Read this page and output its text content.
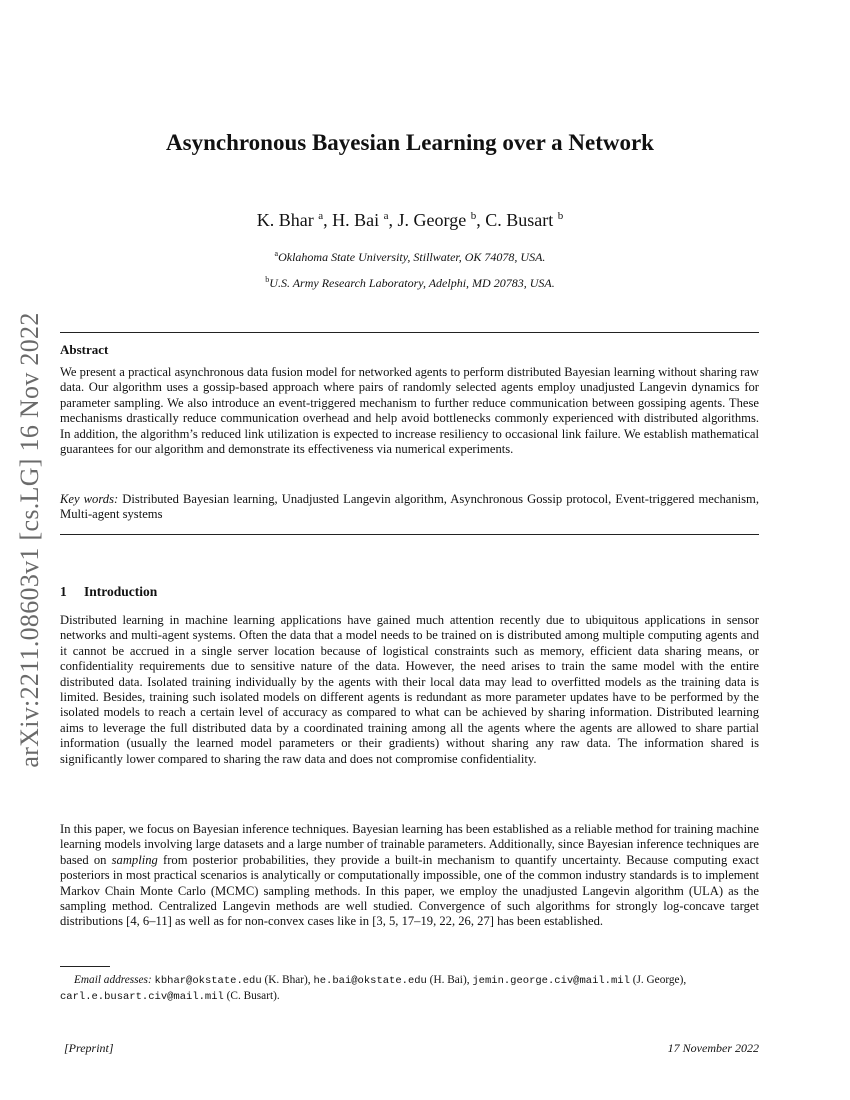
arXiv:2211.08603v1 [cs.LG] 16 Nov 2022
Asynchronous Bayesian Learning over a Network
K. Bhar $^a$, H. Bai $^a$, J. George $^b$, C. Busart $^b$
$^a$Oklahoma State University, Stillwater, OK 74078, USA.
$^b$U.S. Army Research Laboratory, Adelphi, MD 20783, USA.
Abstract
We present a practical asynchronous data fusion model for networked agents to perform distributed Bayesian learning without sharing raw data. Our algorithm uses a gossip-based approach where pairs of randomly selected agents employ unadjusted Langevin dynamics for parameter sampling. We also introduce an event-triggered mechanism to further reduce communication between gossiping agents. These mechanisms drastically reduce communication overhead and help avoid bottlenecks commonly experienced with distributed algorithms. In addition, the algorithm’s reduced link utilization is expected to increase resiliency to occasional link failure. We establish mathematical guarantees for our algorithm and demonstrate its effectiveness via numerical experiments.
Key words: Distributed Bayesian learning, Unadjusted Langevin algorithm, Asynchronous Gossip protocol, Event-triggered mechanism, Multi-agent systems
1 Introduction
Distributed learning in machine learning applications have gained much attention recently due to ubiquitous applications in sensor networks and multi-agent systems. Often the data that a model needs to be trained on is distributed among multiple computing agents and it cannot be accrued in a single server location because of logistical constraints such as memory, efficient data sharing means, or confidentiality requirements due to sensitive nature of the data. However, the need arises to train the same model with the entire distributed data. Isolated training individually by the agents with their local data may lead to overfitted models as the training data is limited. Besides, training such isolated models on different agents is redundant as more parameter updates have to be performed by the isolated models to reach a certain level of accuracy as compared to what can be achieved by sharing information. Distributed learning aims to leverage the full distributed data by a coordinated training among all the agents where the agents are allowed to share partial information (usually the learned model parameters or their gradients) without sharing any raw data. The information shared is significantly lower compared to sharing the raw data and does not compromise confidentiality.
In this paper, we focus on Bayesian inference techniques. Bayesian learning has been established as a reliable method for training machine learning models involving large datasets and a large number of trainable parameters. Additionally, since Bayesian inference techniques are based on sampling from posterior probabilities, they provide a built-in mechanism to quantify uncertainty. Because computing exact posteriors in most practical scenarios is analytically or computationally impossible, one of the common industry standards is to implement Markov Chain Monte Carlo (MCMC) sampling methods. In this paper, we employ the unadjusted Langevin algorithm (ULA) as the sampling method. Centralized Langevin methods are well studied. Convergence of such algorithms for strongly log-concave target distributions [4, 6–11] as well as for non-convex cases like in [3, 5, 17–19, 22, 26, 27] has been established.
Email addresses: kbhar@okstate.edu (K. Bhar), he.bai@okstate.edu (H. Bai), jemin.george.civ@mail.mil (J. George), carl.e.busart.civ@mail.mil (C. Busart).
[Preprint]	17 November 2022
